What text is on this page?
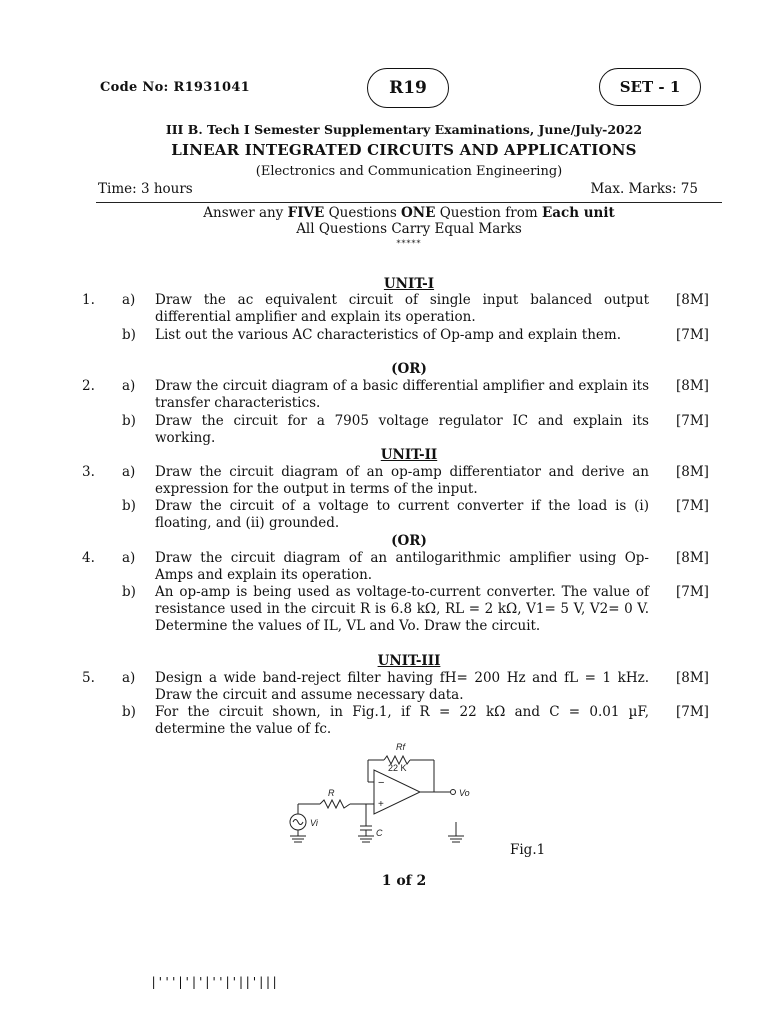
Code No: R1931041	R19	SET - 1
III B. Tech I Semester Supplementary Examinations, June/July-2022
LINEAR INTEGRATED CIRCUITS AND APPLICATIONS
(Electronics and Communication Engineering)
Time: 3 hours	Max. Marks: 75
Answer any FIVE Questions ONE Question from Each unit
All Questions Carry Equal Marks
*****
UNIT-I
1. a) Draw the ac equivalent circuit of single input balanced output differential amplifier and explain its operation.
[8M]
b) List out the various AC characteristics of Op-amp and explain them.	[7M]
(OR)
2. a) Draw the circuit diagram of a basic differential amplifier and explain its transfer characteristics.
[8M]
b) Draw the circuit for a 7905 voltage regulator IC and explain its working.
[7M]
UNIT-II
3. a) Draw the circuit diagram of an op-amp differentiator and derive an expression for the output in terms of the input.
[8M]
b) Draw the circuit of a voltage to current converter if the load is (i) floating, and (ii) grounded.
[7M]
(OR)
4. a) Draw the circuit diagram of an antilogarithmic amplifier using Op-Amps and explain its operation.
[8M]
b) An op-amp is being used as voltage-to-current converter. The value of resistance used in the circuit R is 6.8 kΩ, RL = 2 kΩ, V1= 5 V, V2= 0 V. Determine the values of IL, VL and Vo. Draw the circuit.
[7M]
UNIT-III
5. a) Design a wide band-reject filter having fH= 200 Hz and fL = 1 kHz. Draw the circuit and assume necessary data.
[8M]
b) For the circuit shown, in Fig.1, if R = 22 kΩ and C = 0.01 µF, determine the value of fc.
[7M]
Rf
22 K
R
C
Vi
Vo
−
+
Fig.1
1 of 2
|'''|'|'|''|'||'|||
